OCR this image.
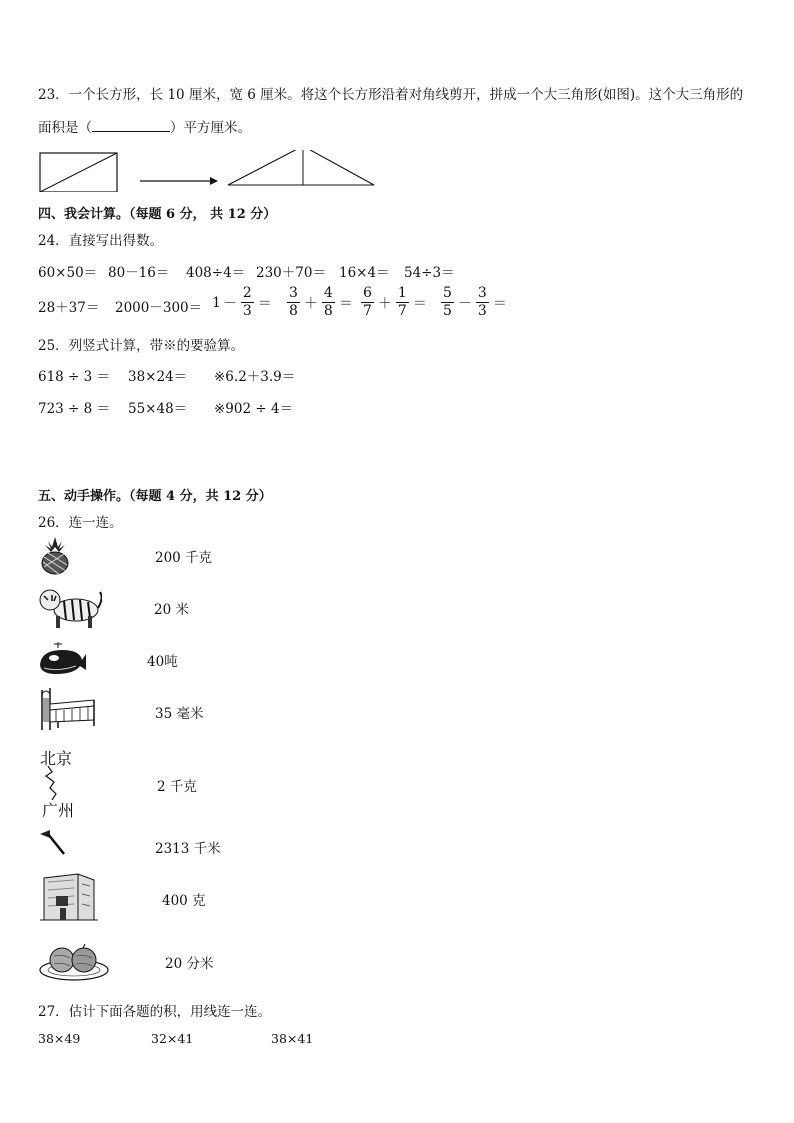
23．一个长方形，长 10 厘米，宽 6 厘米。将这个长方形沿着对角线剪开，拼成一个大三角形(如图)。这个大三角形的
面积是（	）平方厘米。
四、我会计算。（每题 6 分， 共 12 分）
24．直接写出得数。
60×50＝ 80－16＝ 408÷4＝ 230＋70＝ 16×4＝ 54÷3＝
$28+37= 2000-300= 1 - \frac{2}{3} = \frac{3}{8} + \frac{4}{8} = \frac{6}{7} + \frac{1}{7} = \frac{5}{5} - \frac{3}{3}$ ＝
25．列竖式计算，带※的要验算。
618 ÷ 3 ＝ 38×24＝ ※6.2＋3.9＝
723 ÷ 8 ＝ 55×48＝ ※902 ÷ 4＝
五、动手操作。（每题 4 分，共 12 分）
26．连一连。
200 千克
20 米
40吨
35 毫米
北京
广州
2 千克
2313 千米
400 克
20 分米
27．估计下面各题的积，用线连一连。
38×49	32×41	38×41
